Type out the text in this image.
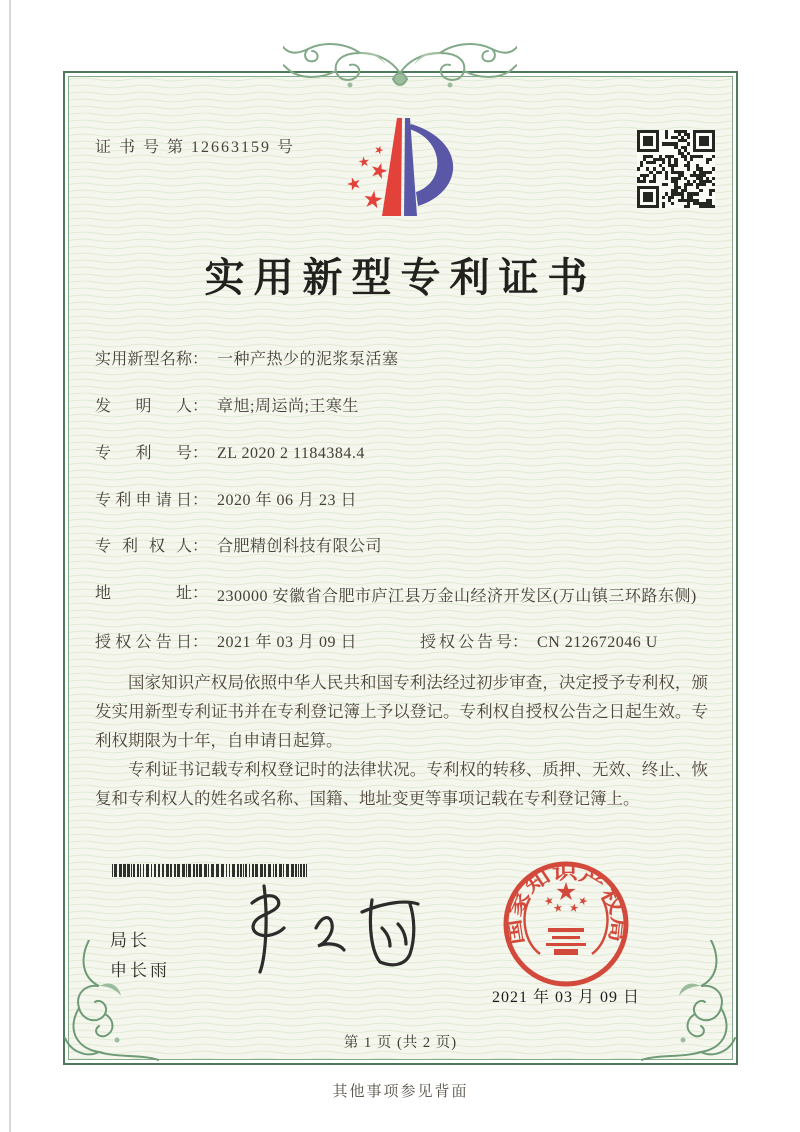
证 书 号 第 12663159 号
实用新型专利证书
实用新型名称 ： 一种产热少的泥浆泵活塞
发明人 ： 章旭;周运尚;王寒生
专利号 ： ZL 2020 2 1184384.4
专利申请日 ： 2020 年 06 月 23 日
专利权人 ： 合肥精创科技有限公司
地址 ： 230000 安徽省合肥市庐江县万金山经济开发区(万山镇三环路东侧)
授权公告日 ： 2021 年 03 月 09 日	授权公告号 ： CN 212672046 U

国家知识产权局依照中华人民共和国专利法经过初步审查，决定授予专利权，颁发实用新型专利证书并在专利登记簿上予以登记。专利权自授权公告之日起生效。专利权期限为十年，自申请日起算。

专利证书记载专利权登记时的法律状况。专利权的转移、质押、无效、终止、恢复和专利权人的姓名或名称、国籍、地址变更等事项记载在专利登记簿上。

局长
申长雨
国家知识产权局
2021 年 03 月 09 日
第 1 页 (共 2 页)
其他事项参见背面
